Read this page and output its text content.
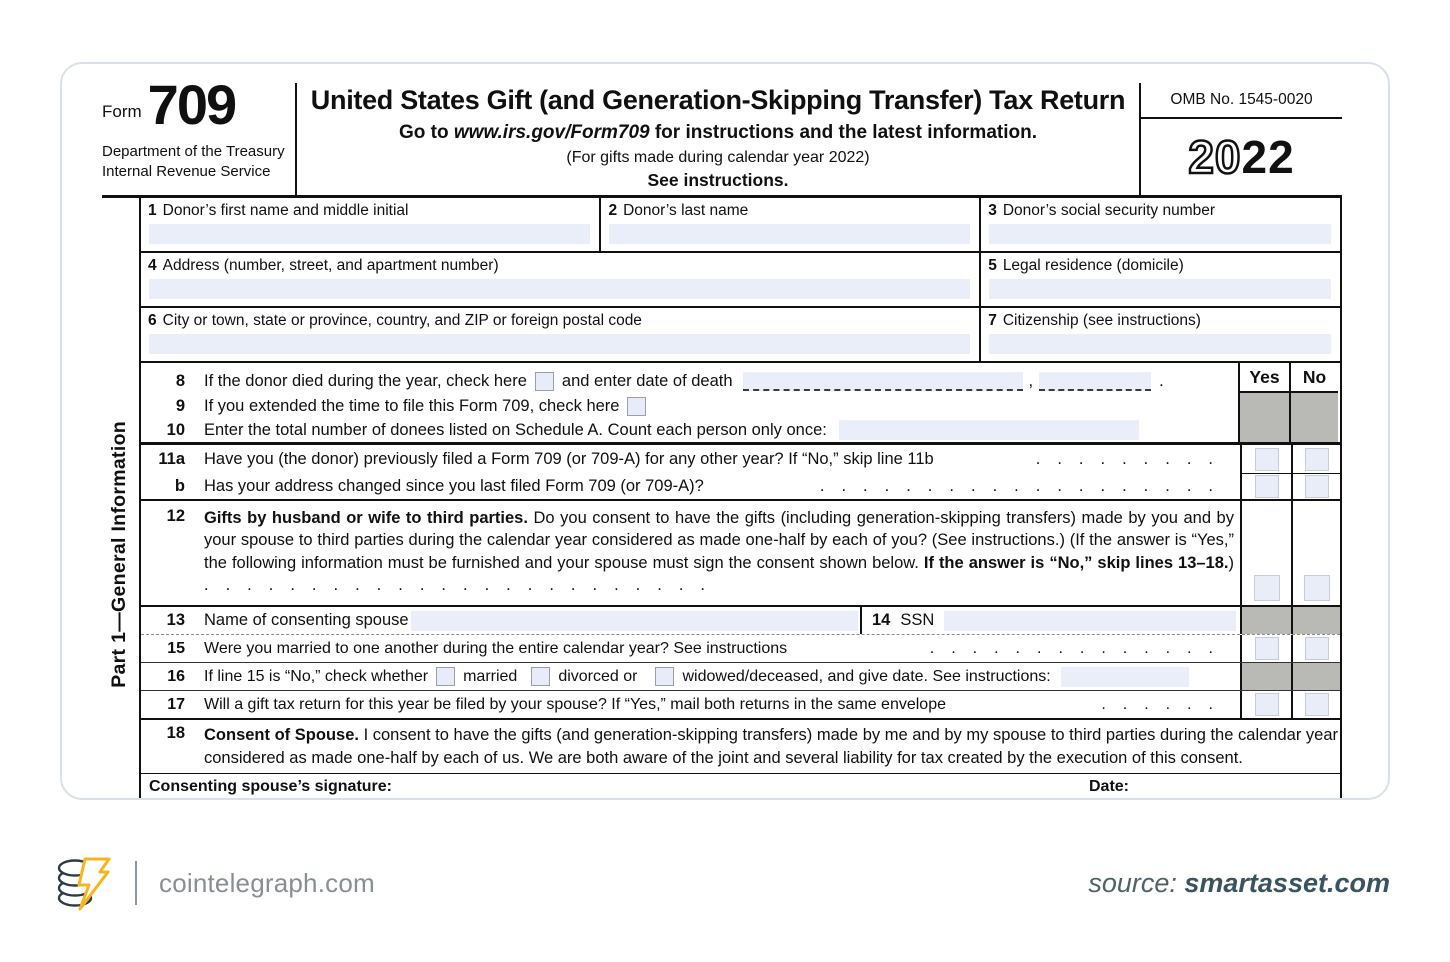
Form 709
Department of the Treasury
Internal Revenue Service
United States Gift (and Generation-Skipping Transfer) Tax Return
Go to www.irs.gov/Form709 for instructions and the latest information.
(For gifts made during calendar year 2022)
See instructions.
OMB No. 1545-0020
20 22
Part 1—General Information
1 Donor’s first name and middle initial	2 Donor’s last name	3 Donor’s social security number
4 Address (number, street, and apartment number)	5 Legal residence (domicile)
6 City or town, state or province, country, and ZIP or foreign postal code	7 Citizenship (see instructions)
8 If the donor died during the year, check here and enter date of death	,	.
9 If you extended the time to file this Form 709, check here
10 Enter the total number of donees listed on Schedule A. Count each person only once:
Yes	No
11a Have you (the donor) previously filed a Form 709 (or 709-A) for any other year? If “No,” skip line 11b	.........
b Has your address changed since you last filed Form 709 (or 709-A)?	...................
12 Gifts by husband or wife to third parties. Do you consent to have the gifts (including generation-skipping transfers) made by you and by your spouse to third parties during the calendar year considered as made one-half by each of you? (See instructions.) (If the answer is “Yes,” the following information must be furnished and your spouse must sign the consent shown below. If the answer is “No,” skip lines 13–18.) ........................
13 Name of consenting spouse	14 SSN
15 Were you married to one another during the entire calendar year? See instructions	..............
16 If line 15 is “No,” check whether married	divorced or	widowed/deceased, and give date. See instructions:
17 Will a gift tax return for this year be filed by your spouse? If “Yes,” mail both returns in the same envelope	......
18 Consent of Spouse. I consent to have the gifts (and generation-skipping transfers) made by me and by my spouse to third parties during the calendar year considered as made one-half by each of us. We are both aware of the joint and several liability for tax created by the execution of this consent.
Consenting spouse’s signature:	Date:
cointelegraph.com	source: smartasset.com
